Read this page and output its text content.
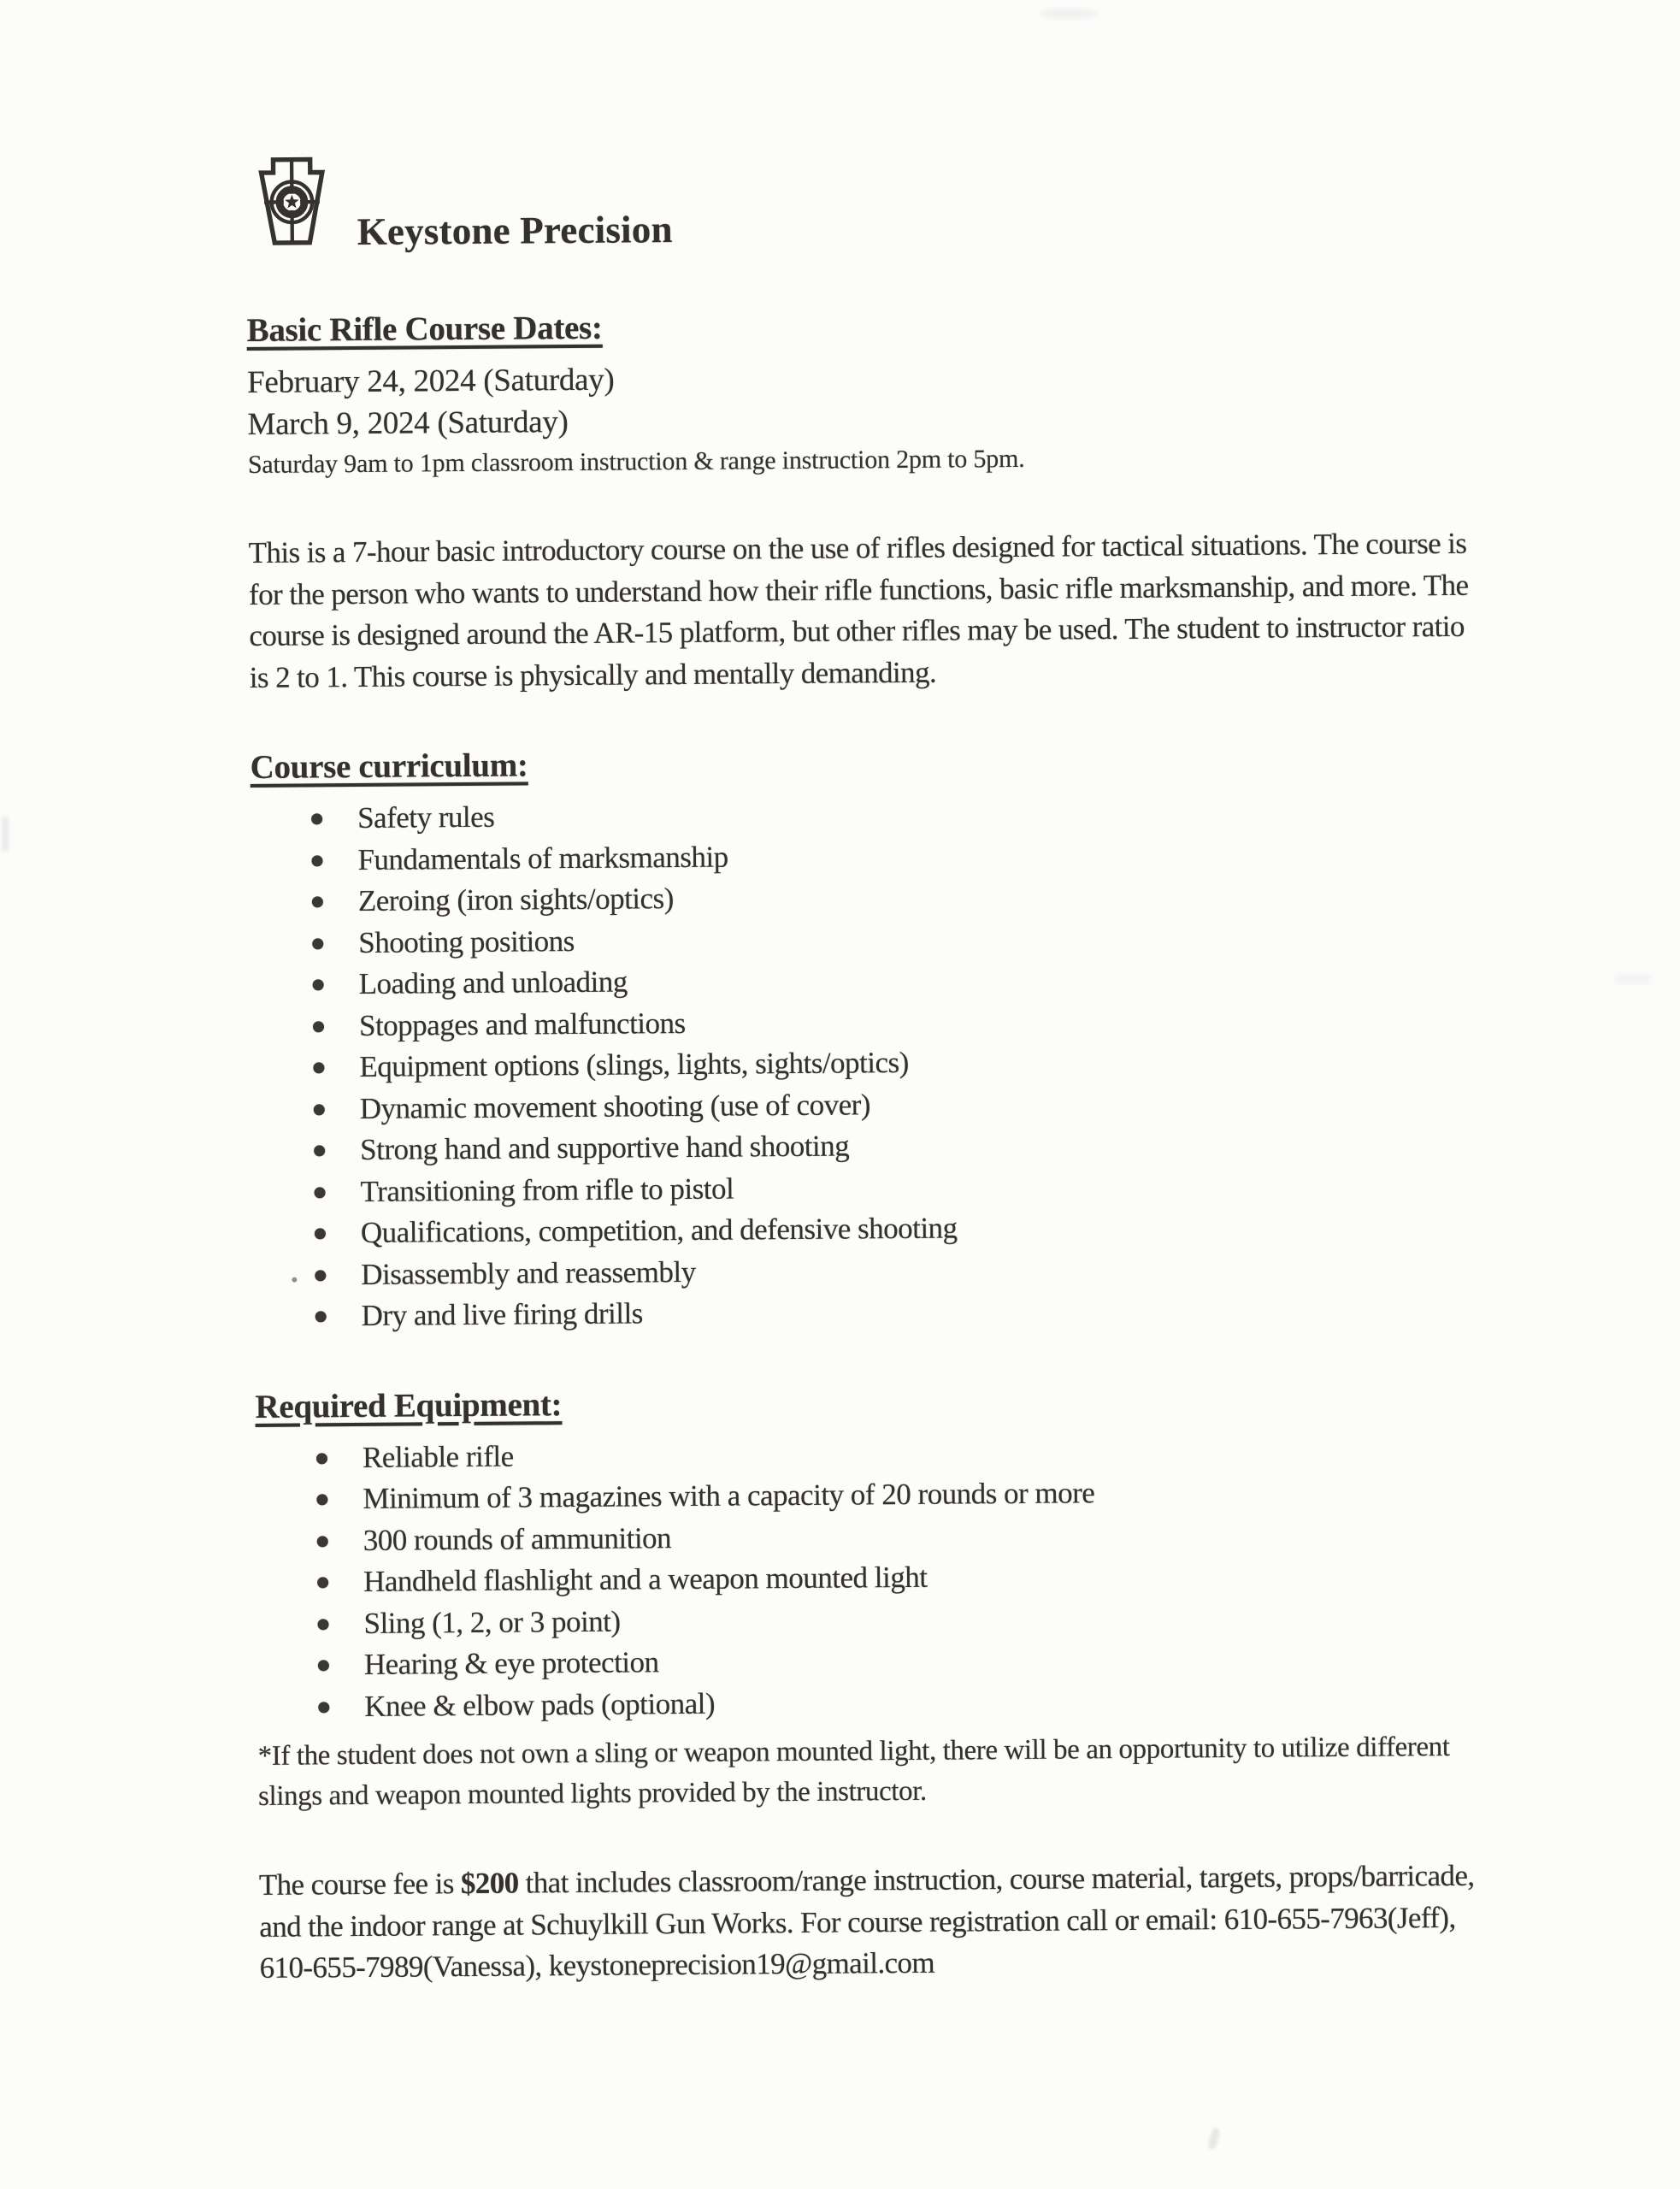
Keystone Precision
Basic Rifle Course Dates:
February 24, 2024 (Saturday)
March 9, 2024 (Saturday)
Saturday 9am to 1pm classroom instruction & range instruction 2pm to 5pm.

This is a 7-hour basic introductory course on the use of rifles designed for tactical situations. The course is for the person who wants to understand how their rifle functions, basic rifle marksmanship, and more. The course is designed around the AR-15 platform, but other rifles may be used. The student to instructor ratio is 2 to 1. This course is physically and mentally demanding.

Course curriculum:
Safety rules
Fundamentals of marksmanship
Zeroing (iron sights/optics)
Shooting positions
Loading and unloading
Stoppages and malfunctions
Equipment options (slings, lights, sights/optics)
Dynamic movement shooting (use of cover)
Strong hand and supportive hand shooting
Transitioning from rifle to pistol
Qualifications, competition, and defensive shooting
Disassembly and reassembly
Dry and live firing drills
Required Equipment:
Reliable rifle
Minimum of 3 magazines with a capacity of 20 rounds or more
300 rounds of ammunition
Handheld flashlight and a weapon mounted light
Sling (1, 2, or 3 point)
Hearing & eye protection
Knee & elbow pads (optional)
*If the student does not own a sling or weapon mounted light, there will be an opportunity to utilize different slings and weapon mounted lights provided by the instructor.

The course fee is $200 that includes classroom/range instruction, course material, targets, props/barricade, and the indoor range at Schuylkill Gun Works. For course registration call or email: 610-655-7963(Jeff), 610-655-7989(Vanessa), keystoneprecision19@gmail.com
